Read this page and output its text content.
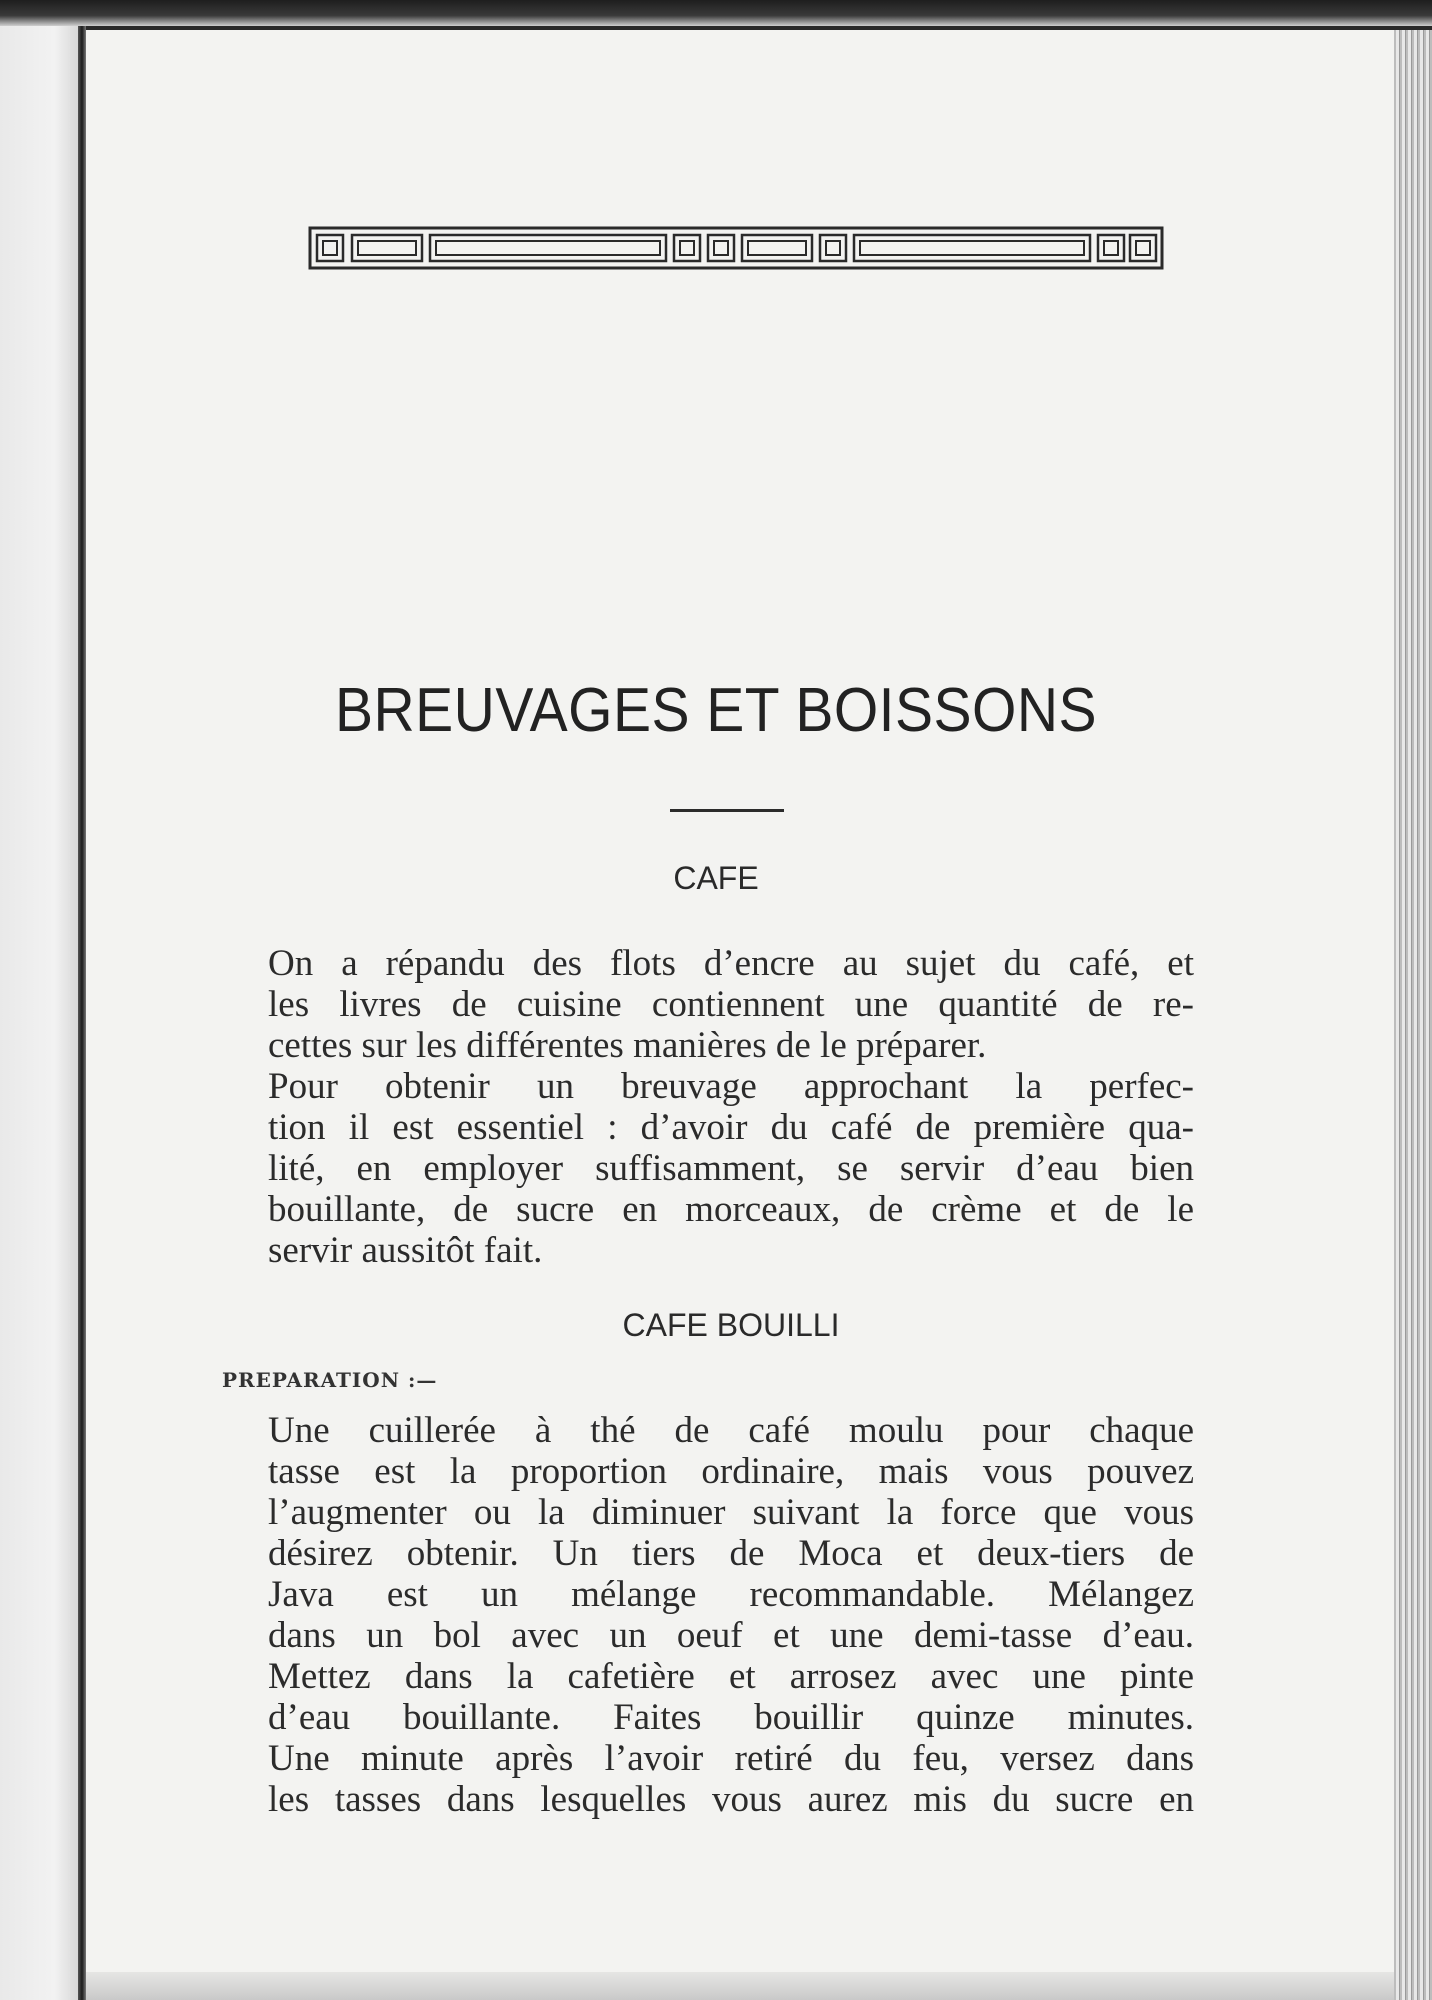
BREUVAGES ET BOISSONS
CAFE
On a répandu des flots d’encre au sujet du café, et
les livres de cuisine contiennent une quantité de re-
cettes sur les différentes manières de le préparer.
Pour obtenir un breuvage approchant la perfec-
tion il est essentiel : d’avoir du café de première qua-
lité, en employer suffisamment, se servir d’eau bien
bouillante, de sucre en morceaux, de crème et de le
servir aussitôt fait.
CAFE BOUILLI
PREPARATION :—
Une cuillerée à thé de café moulu pour chaque
tasse est la proportion ordinaire, mais vous pouvez
l’augmenter ou la diminuer suivant la force que vous
désirez obtenir. Un tiers de Moca et deux-tiers de
Java est un mélange recommandable. Mélangez
dans un bol avec un oeuf et une demi-tasse d’eau.
Mettez dans la cafetière et arrosez avec une pinte
d’eau bouillante. Faites bouillir quinze minutes.
Une minute après l’avoir retiré du feu, versez dans
les tasses dans lesquelles vous aurez mis du sucre en
